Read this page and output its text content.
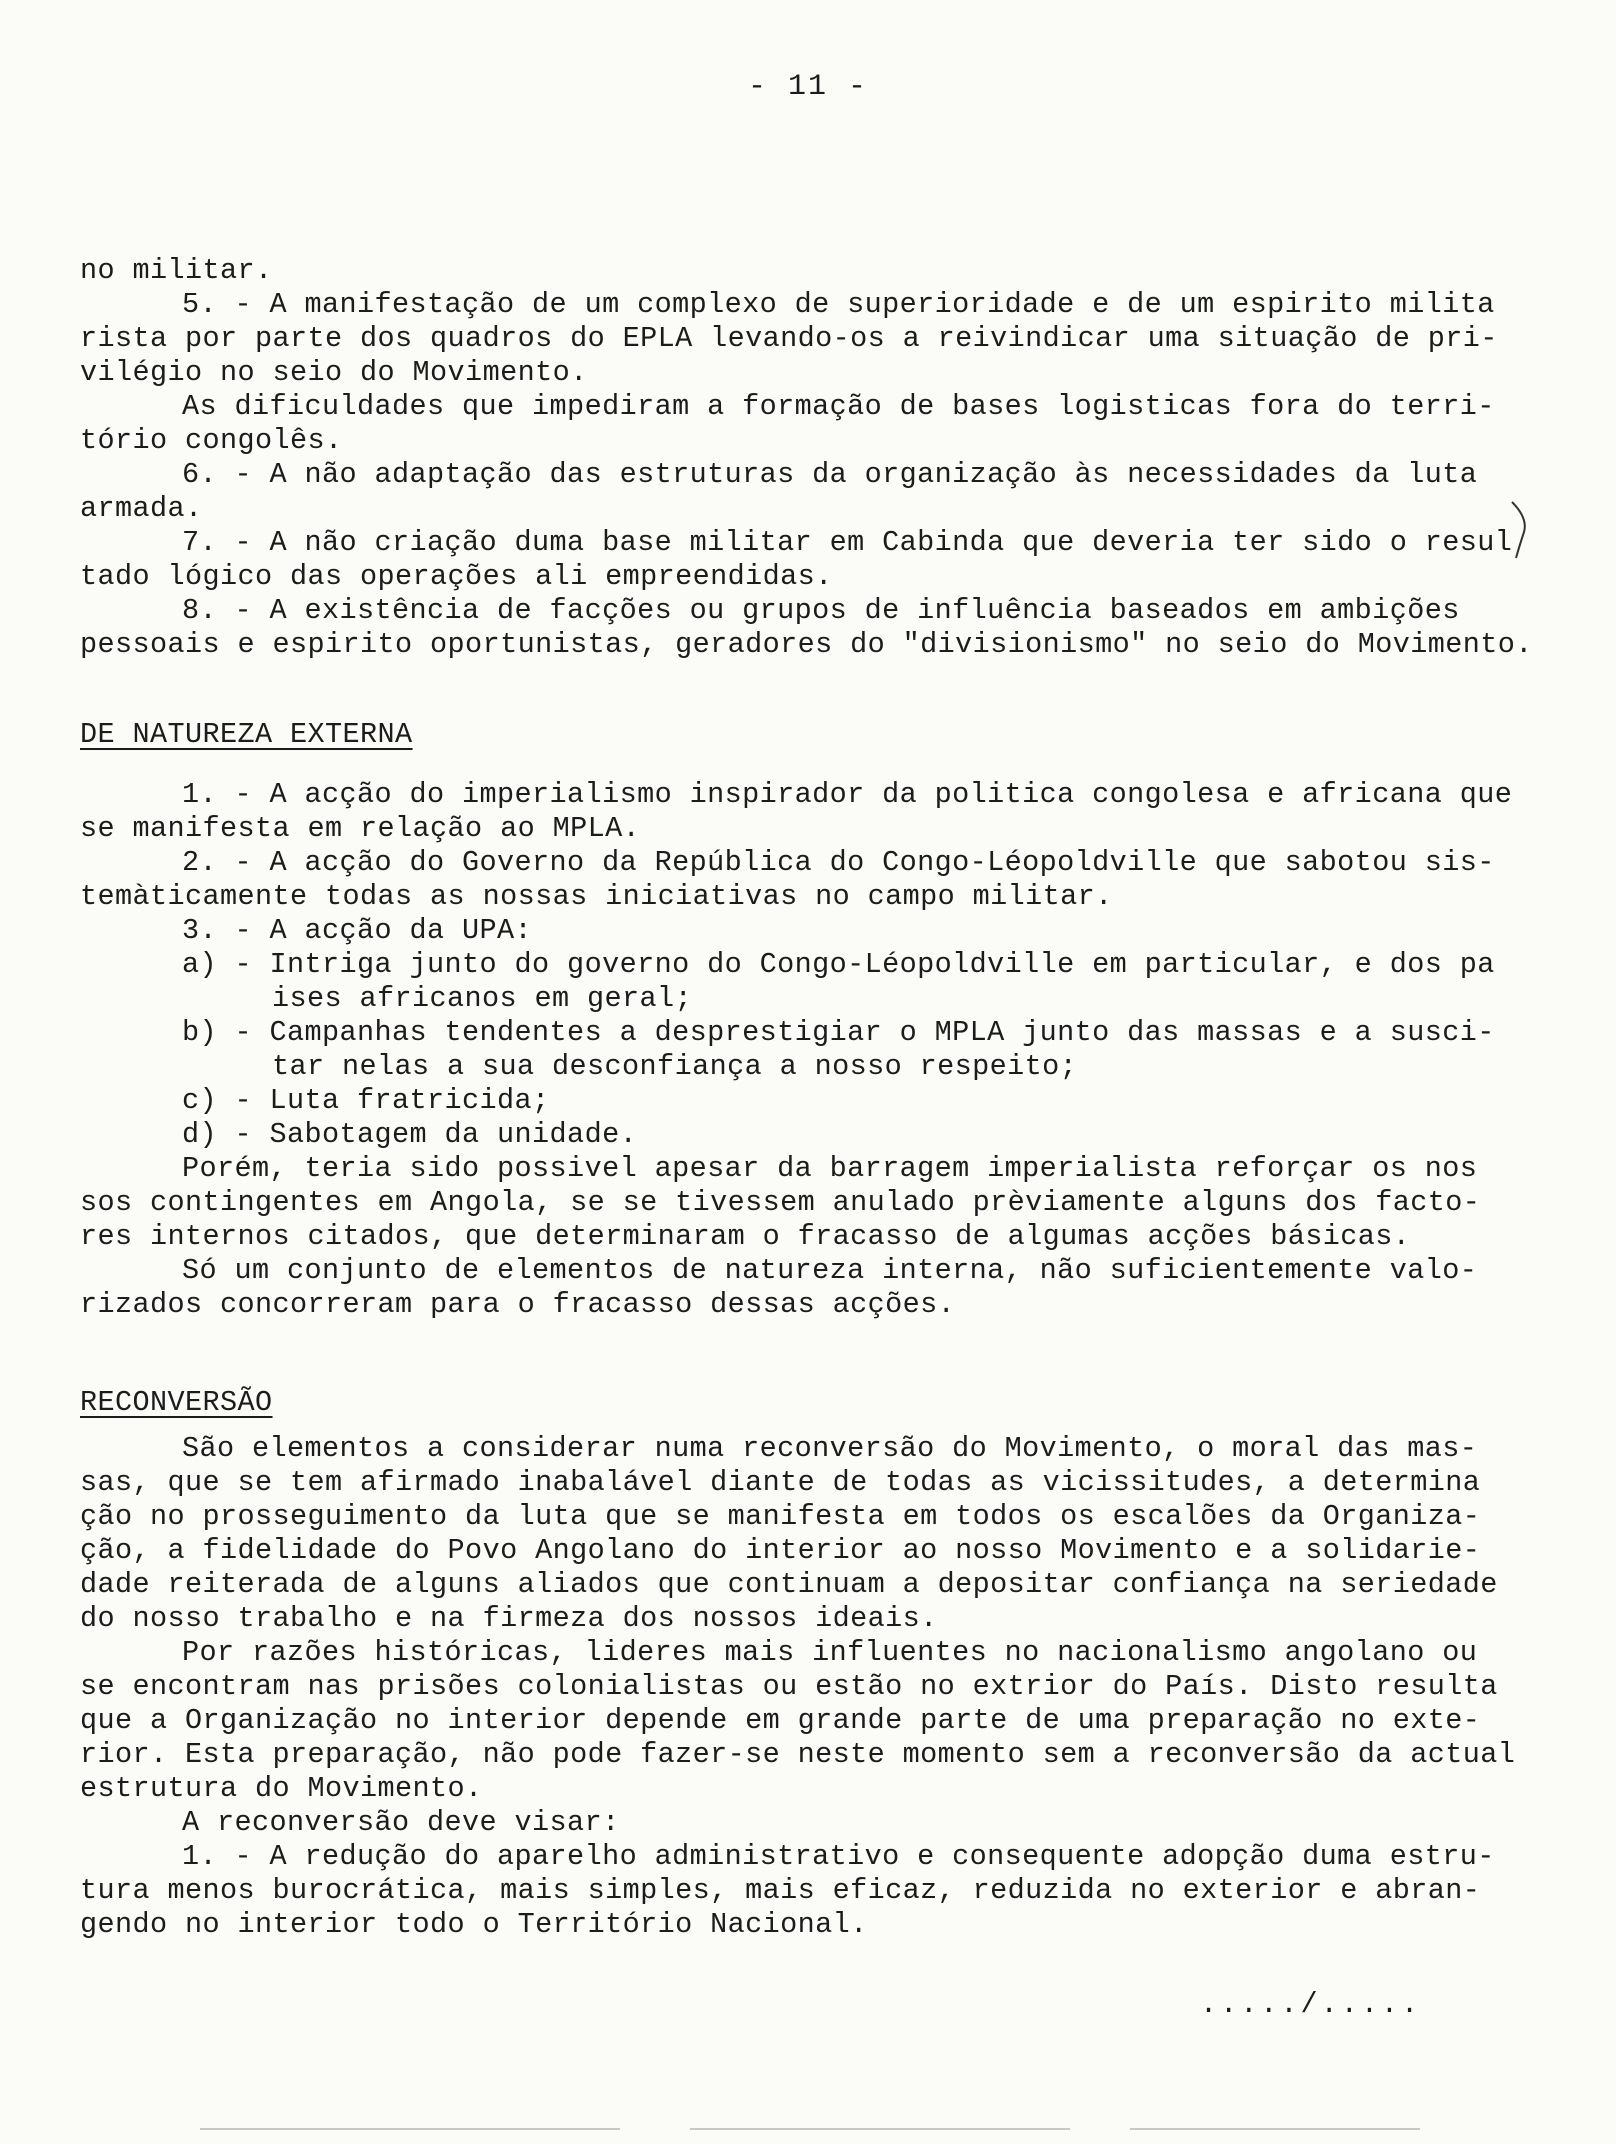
- 11 -
no militar.
5. - A manifestação de um complexo de superioridade e de um espirito milita
rista por parte dos quadros do EPLA levando-os a reivindicar uma situação de pri-
vilégio no seio do Movimento.
As dificuldades que impediram a formação de bases logisticas fora do terri-
tório congolês.
6. - A não adaptação das estruturas da organização às necessidades da luta
armada.
7. - A não criação duma base militar em Cabinda que deveria ter sido o resul
tado lógico das operações ali empreendidas.
8. - A existência de facções ou grupos de influência baseados em ambições
pessoais e espirito oportunistas, geradores do "divisionismo" no seio do Movimento.
DE NATUREZA EXTERNA
1. - A acção do imperialismo inspirador da politica congolesa e africana que
se manifesta em relação ao MPLA.
2. - A acção do Governo da República do Congo-Léopoldville que sabotou sis-
temàticamente todas as nossas iniciativas no campo militar.
3. - A acção da UPA:
a) - Intriga junto do governo do Congo-Léopoldville em particular, e dos pa
ises africanos em geral;
b) - Campanhas tendentes a desprestigiar o MPLA junto das massas e a susci-
tar nelas a sua desconfiança a nosso respeito;
c) - Luta fratricida;
d) - Sabotagem da unidade.
Porém, teria sido possivel apesar da barragem imperialista reforçar os nos
sos contingentes em Angola, se se tivessem anulado prèviamente alguns dos facto-
res internos citados, que determinaram o fracasso de algumas acções básicas.
Só um conjunto de elementos de natureza interna, não suficientemente valo-
rizados concorreram para o fracasso dessas acções.
RECONVERSÃO
São elementos a considerar numa reconversão do Movimento, o moral das mas-
sas, que se tem afirmado inabalável diante de todas as vicissitudes, a determina
ção no prosseguimento da luta que se manifesta em todos os escalões da Organiza-
ção, a fidelidade do Povo Angolano do interior ao nosso Movimento e a solidarie-
dade reiterada de alguns aliados que continuam a depositar confiança na seriedade
do nosso trabalho e na firmeza dos nossos ideais.
Por razões históricas, lideres mais influentes no nacionalismo angolano ou
se encontram nas prisões colonialistas ou estão no extrior do País. Disto resulta
que a Organização no interior depende em grande parte de uma preparação no exte-
rior. Esta preparação, não pode fazer-se neste momento sem a reconversão da actual
estrutura do Movimento.
A reconversão deve visar:
1. - A redução do aparelho administrativo e consequente adopção duma estru-
tura menos burocrática, mais simples, mais eficaz, reduzida no exterior e abran-
gendo no interior todo o Território Nacional.
...../.....
